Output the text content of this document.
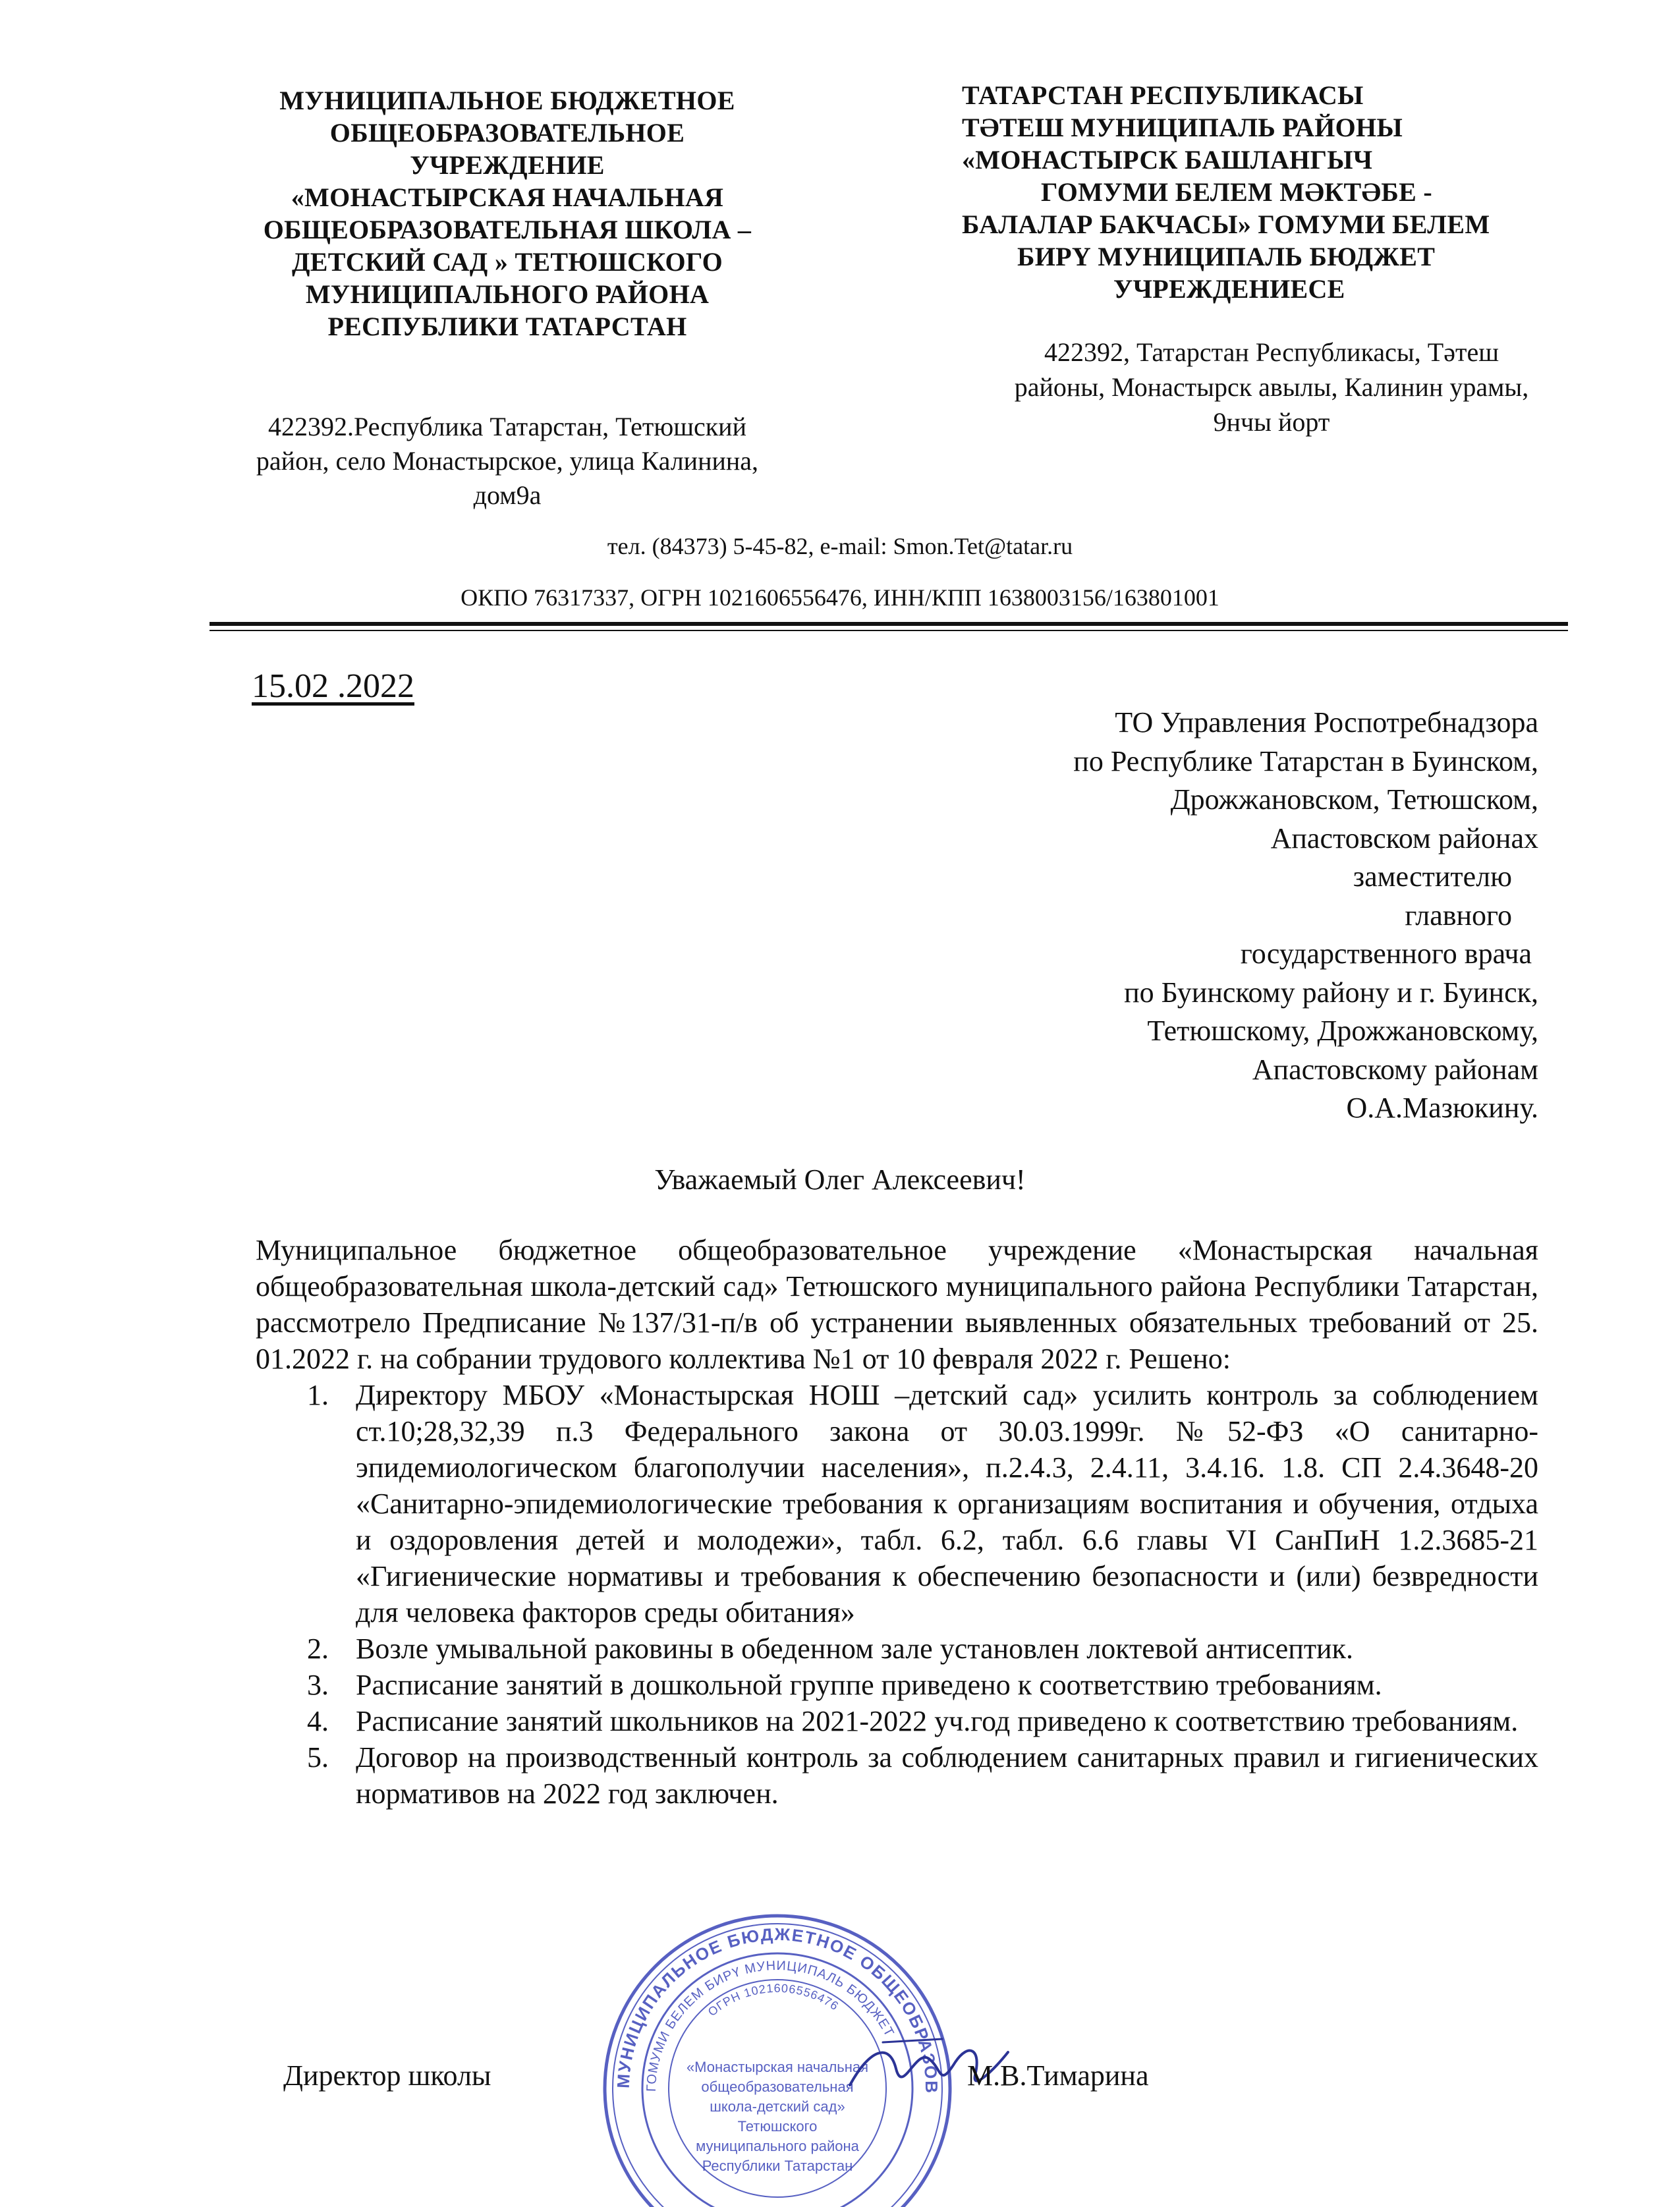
МУНИЦИПАЛЬНОЕ БЮДЖЕТНОЕ
ОБЩЕОБРАЗОВАТЕЛЬНОЕ
УЧРЕЖДЕНИЕ
«МОНАСТЫРСКАЯ НАЧАЛЬНАЯ
ОБЩЕОБРАЗОВАТЕЛЬНАЯ ШКОЛА –
ДЕТСКИЙ САД » ТЕТЮШСКОГО
МУНИЦИПАЛЬНОГО РАЙОНА
РЕСПУБЛИКИ ТАТАРСТАН
422392.Республика Татарстан, Тетюшский
район, село Монастырское, улица Калинина,
дом9а
ТАТАРСТАН РЕСПУБЛИКАСЫ
ТӘТЕШ МУНИЦИПАЛЬ РАЙОНЫ
«МОНАСТЫРСК БАШЛАНГЫЧ
ГОМУМИ БЕЛЕМ МӘКТӘБЕ -
БАЛАЛАР БАКЧАСЫ» ГОМУМИ БЕЛЕМ
БИРҮ МУНИЦИПАЛЬ БЮДЖЕТ
УЧРЕЖДЕНИЕСЕ
422392, Татарстан Республикасы, Тәтеш
районы, Монастырск авылы, Калинин урамы,
9нчы йорт
тел. (84373) 5-45-82, e-mail: Smon.Tet@tatar.ru
ОКПО 76317337, ОГРН 1021606556476, ИНН/КПП 1638003156/163801001
15.02 .2022
ТО Управления Роспотребнадзора
по Республике Татарстан в Буинском,
Дрожжановском, Тетюшском,
Апастовском районах
заместителю
главного
государственного врача
по Буинскому району и г. Буинск,
Тетюшскому, Дрожжановскому,
Апастовскому районам
О.А.Мазюкину.
Уважаемый Олег Алексеевич!
Муниципальное бюджетное общеобразовательное учреждение «Монастырская начальная общеобразовательная школа-детский сад» Тетюшского муниципального района Республики Татарстан, рассмотрело Предписание №137/31-п/в об устранении выявленных обязательных требований от 25. 01.2022 г. на собрании трудового коллектива №1 от 10 февраля 2022 г. Решено:
1. Директору МБОУ «Монастырская НОШ –детский сад» усилить контроль за соблюдением ст.10;28,32,39 п.3 Федерального закона от 30.03.1999г. №52-ФЗ «О санитарно-эпидемиологическом благополучии населения», п.2.4.3, 2.4.11, 3.4.16. 1.8. СП 2.4.3648-20 «Санитарно-эпидемиологические требования к организациям воспитания и обучения, отдыха и оздоровления детей и молодежи», табл. 6.2, табл. 6.6 главы VI СанПиН 1.2.3685-21 «Гигиенические нормативы и требования к обеспечению безопасности и (или) безвредности для человека факторов среды обитания»
2. Возле умывальной раковины в обеденном зале установлен локтевой антисептик.
3. Расписание занятий в дошкольной группе приведено к соответствию требованиям.
4. Расписание занятий школьников на 2021-2022 уч.год приведено к соответствию требованиям.
5. Договор на производственный контроль за соблюдением санитарных правил и гигиенических нормативов на 2022 год заключен.
МУНИЦИПАЛЬНОЕ БЮДЖЕТНОЕ ОБЩЕОБРАЗОВАТЕЛЬНОЕ УЧРЕЖДЕНИЕ
ГОМУМИ БЕЛЕМ БИРҮ МУНИЦИПАЛЬ БЮДЖЕТ
ОГРН 1021606556476
«Монастырская начальная
общеобразовательная
школа-детский сад»
Тетюшского
муниципального района
Республики Татарстан
Директор школы	М.В.Тимарина
